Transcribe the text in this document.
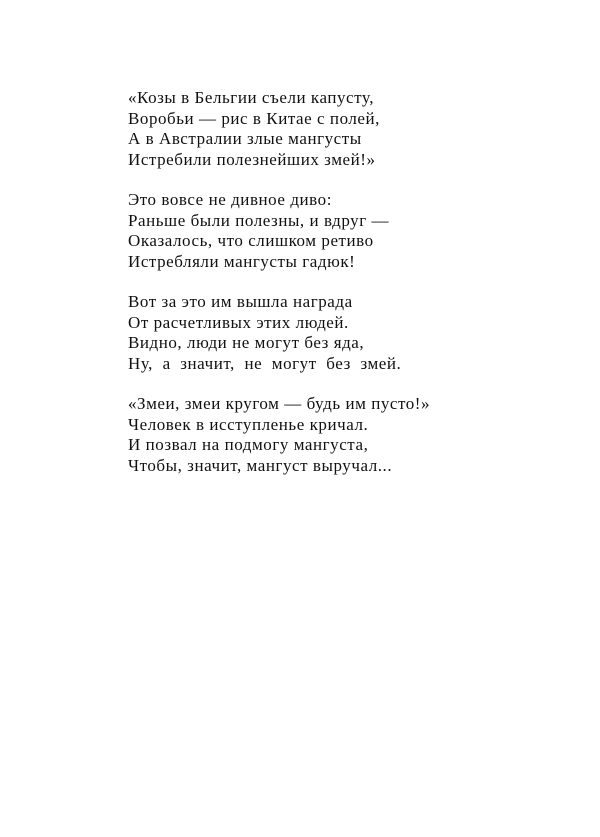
«Козы в Бельгии съели капусту,
Воробьи — рис в Китае с полей,
А в Австралии злые мангусты
Истребили полезнейших змей!»
Это вовсе не дивное диво:
Раньше были полезны, и вдруг —
Оказалось, что слишком ретиво
Истребляли мангусты гадюк!
Вот за это им вышла награда
От расчетливых этих людей.
Видно, люди не могут без яда,
Ну,  а  значит,  не  могут  без  змей.
«Змеи, змеи кругом — будь им пусто!»
Человек в исступленье кричал.
И позвал на подмогу мангуста,
Чтобы, значит, мангуст выручал...
